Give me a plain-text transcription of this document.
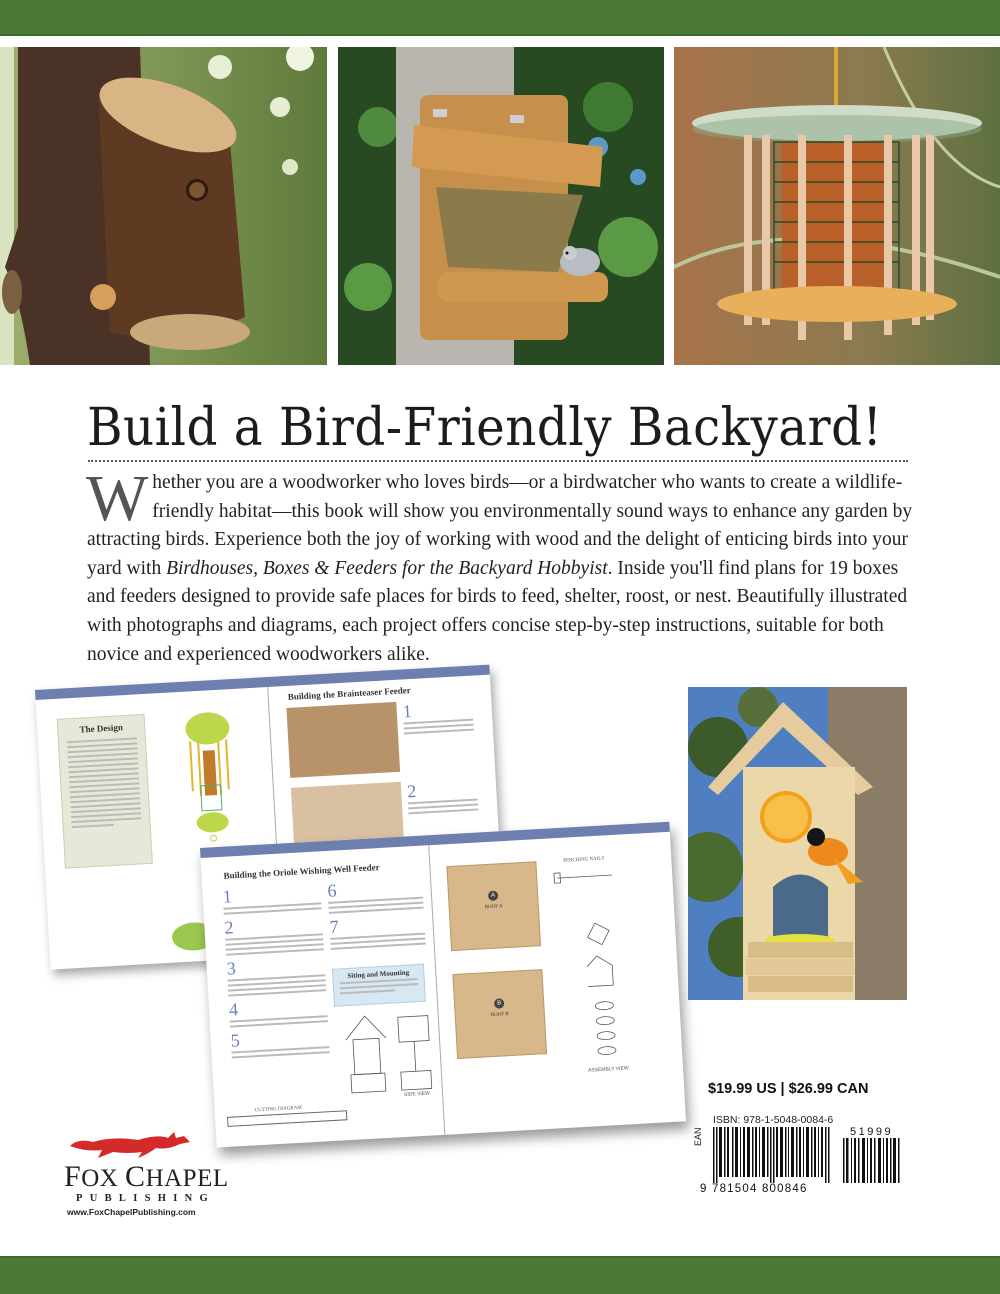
Build a Bird-Friendly Backyard!

Whether you are a woodworker who loves birds—or a birdwatcher who wants to create a wildlife-friendly habitat—this book will show you environmentally sound ways to enhance any garden by attracting birds. Experience both the joy of working with wood and the delight of enticing birds into your yard with Birdhouses, Boxes & Feeders for the Backyard Hobbyist. Inside you'll find plans for 19 boxes and feeders designed to provide safe places for birds to feed, shelter, roost, or nest. Beautifully illustrated with photographs and diagrams, each project offers concise step-by-step instructions, suitable for both novice and experienced woodworkers alike.

The Design
Building the Brainteaser Feeder
1
2
Building the Oriole Wishing Well Feeder
1
2
3
4
5
6
7
Siting and Mounting
SIDE VIEW
CUTTING DIAGRAM
A
ROOF A
B
ROOF B
PERCHING NAILS
ASSEMBLY VIEW
$19.99 US | $26.99 CAN
ISBN: 978-1-5048-0084-6
EAN
9 781504 800846
51999
FOX CHAPEL
PUBLISHING
www.FoxChapelPublishing.com
